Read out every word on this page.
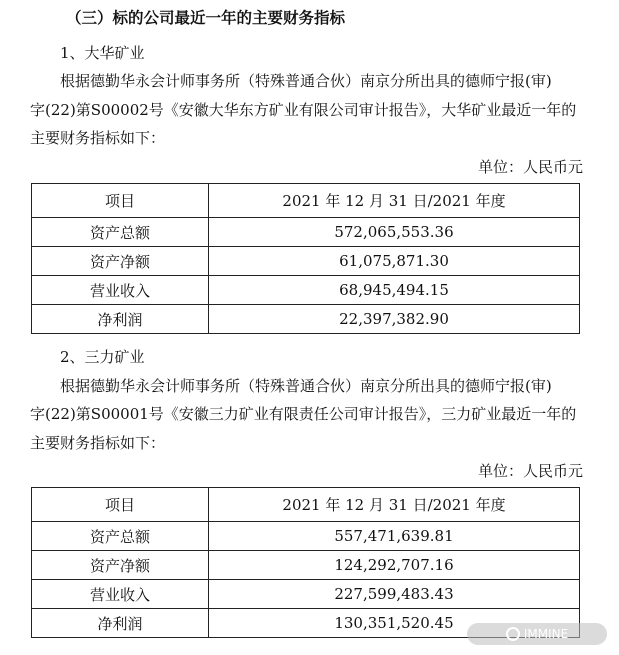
（三）标的公司最近一年的主要财务指标
1、大华矿业
根据德勤华永会计师事务所（特殊普通合伙）南京分所出具的德师宁报(审)
字(22)第S00002号《安徽大华东方矿业有限公司审计报告》，大华矿业最近一年的
主要财务指标如下：
单位：人民币元
项目	2021 年 12 月 31 日/2021 年度
资产总额	572,065,553.36
资产净额	61,075,871.30
营业收入	68,945,494.15
净利润	22,397,382.90
2、三力矿业
根据德勤华永会计师事务所（特殊普通合伙）南京分所出具的德师宁报(审)
字(22)第S00001号《安徽三力矿业有限责任公司审计报告》，三力矿业最近一年的
主要财务指标如下：
单位：人民币元
项目	2021 年 12 月 31 日/2021 年度
资产总额	557,471,639.81
资产净额	124,292,707.16
营业收入	227,599,483.43
净利润	130,351,520.45
IMMINE
